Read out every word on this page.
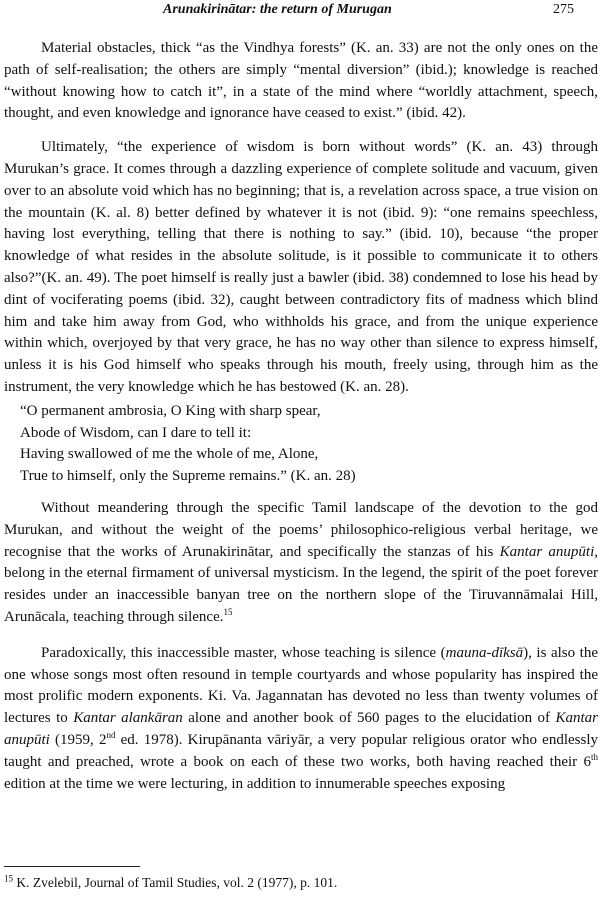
Arunakirinātar: the return of Murugan	275

Material obstacles, thick “as the Vindhya forests” (K. an. 33) are not the only ones on the path of self-realisation; the others are simply “mental diversion” (ibid.); knowledge is reached “without knowing how to catch it”, in a state of the mind where “worldly attachment, speech, thought, and even knowledge and ignorance have ceased to exist.” (ibid. 42).

Ultimately, “the experience of wisdom is born without words” (K. an. 43) through Murukan’s grace. It comes through a dazzling experience of complete solitude and vacuum, given over to an absolute void which has no beginning; that is, a revelation across space, a true vision on the mountain (K. al. 8) better defined by whatever it is not (ibid. 9): “one remains speechless, having lost everything, telling that there is nothing to say.” (ibid. 10), because “the proper knowledge of what resides in the absolute solitude, is it possible to communicate it to others also?”(K. an. 49). The poet himself is really just a bawler (ibid. 38) condemned to lose his head by dint of vociferating poems (ibid. 32), caught between contradictory fits of madness which blind him and take him away from God, who withholds his grace, and from the unique experience within which, overjoyed by that very grace, he has no way other than silence to express himself, unless it is his God himself who speaks through his mouth, freely using, through him as the instrument, the very knowledge which he has bestowed (K. an. 28).

“O permanent ambrosia, O King with sharp spear,
Abode of Wisdom, can I dare to tell it:
Having swallowed of me the whole of me, Alone,
True to himself, only the Supreme remains.” (K. an. 28)

Without meandering through the specific Tamil landscape of the devotion to the god Murukan, and without the weight of the poems’ philosophico-religious verbal heritage, we recognise that the works of Arunakirinātar, and specifically the stanzas of his Kantar anupūti, belong in the eternal firmament of universal mysticism. In the legend, the spirit of the poet forever resides under an inaccessible banyan tree on the northern slope of the Tiruvannāmalai Hill, Arunācala, teaching through silence.$^{15}$

Paradoxically, this inaccessible master, whose teaching is silence (mauna-dīksā), is also the one whose songs most often resound in temple courtyards and whose popularity has inspired the most prolific modern exponents. Ki. Va. Jagannatan has devoted no less than twenty volumes of lectures to Kantar alankāran alone and another book of 560 pages to the elucidation of Kantar anupūti (1959, 2nd ed. 1978). Kirupānanta vāriyār, a very popular religious orator who endlessly taught and preached, wrote a book on each of these two works, both having reached their 6th edition at the time we were lecturing, in addition to innumerable speeches exposing

$^{15}$ K. Zvelebil, Journal of Tamil Studies, vol. 2 (1977), p. 101.
